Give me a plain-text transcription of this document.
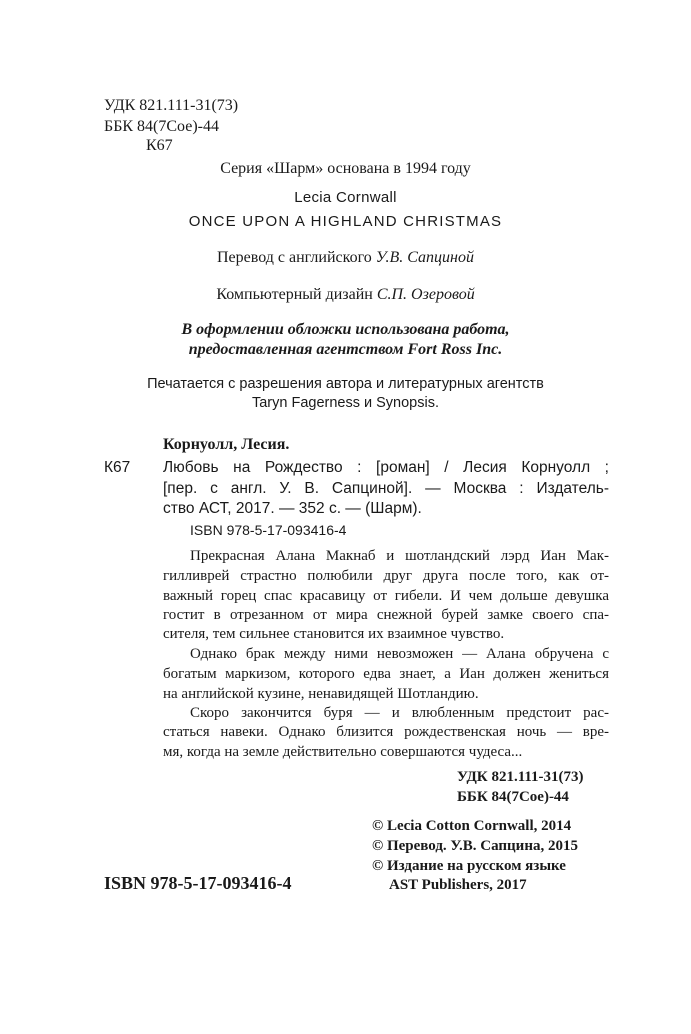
УДК 821.111-31(73)
ББК 84(7Сое)-44
К67
Серия «Шарм» основана в 1994 году
Lecia Cornwall
ONCE UPON A HIGHLAND CHRISTMAS
Перевод с английского У.В. Сапциной
Компьютерный дизайн С.П. Озеровой
В оформлении обложки использована работа,
предоставленная агентством Fort Ross Inc.
Печатается с разрешения автора и литературных агентств
Taryn Fagerness и Synopsis.
Корнуолл, Лесия.
К67 Любовь на Рождество : [роман] / Лесия Корнуолл ;
[пер. с англ. У. В. Сапциной]. — Москва : Издатель-
ство АСТ, 2017. — 352 с. — (Шарм).
ISBN 978-5-17-093416-4
Прекрасная Алана Макнаб и шотландский лэрд Иан Мак-
гилливрей страстно полюбили друг друга после того, как от-
важный горец спас красавицу от гибели. И чем дольше девушка
гостит в отрезанном от мира снежной бурей замке своего спа-
сителя, тем сильнее становится их взаимное чувство.
Однако брак между ними невозможен — Алана обручена с
богатым маркизом, которого едва знает, а Иан должен жениться
на английской кузине, ненавидящей Шотландию.
Скоро закончится буря — и влюбленным предстоит рас-
статься навеки. Однако близится рождественская ночь — вре-
мя, когда на земле действительно совершаются чудеса...
УДК 821.111-31(73)
ББК 84(7Сое)-44
© Lecia Cotton Cornwall, 2014
© Перевод. У.В. Сапцина, 2015
© Издание на русском языке
AST Publishers, 2017
ISBN 978-5-17-093416-4
